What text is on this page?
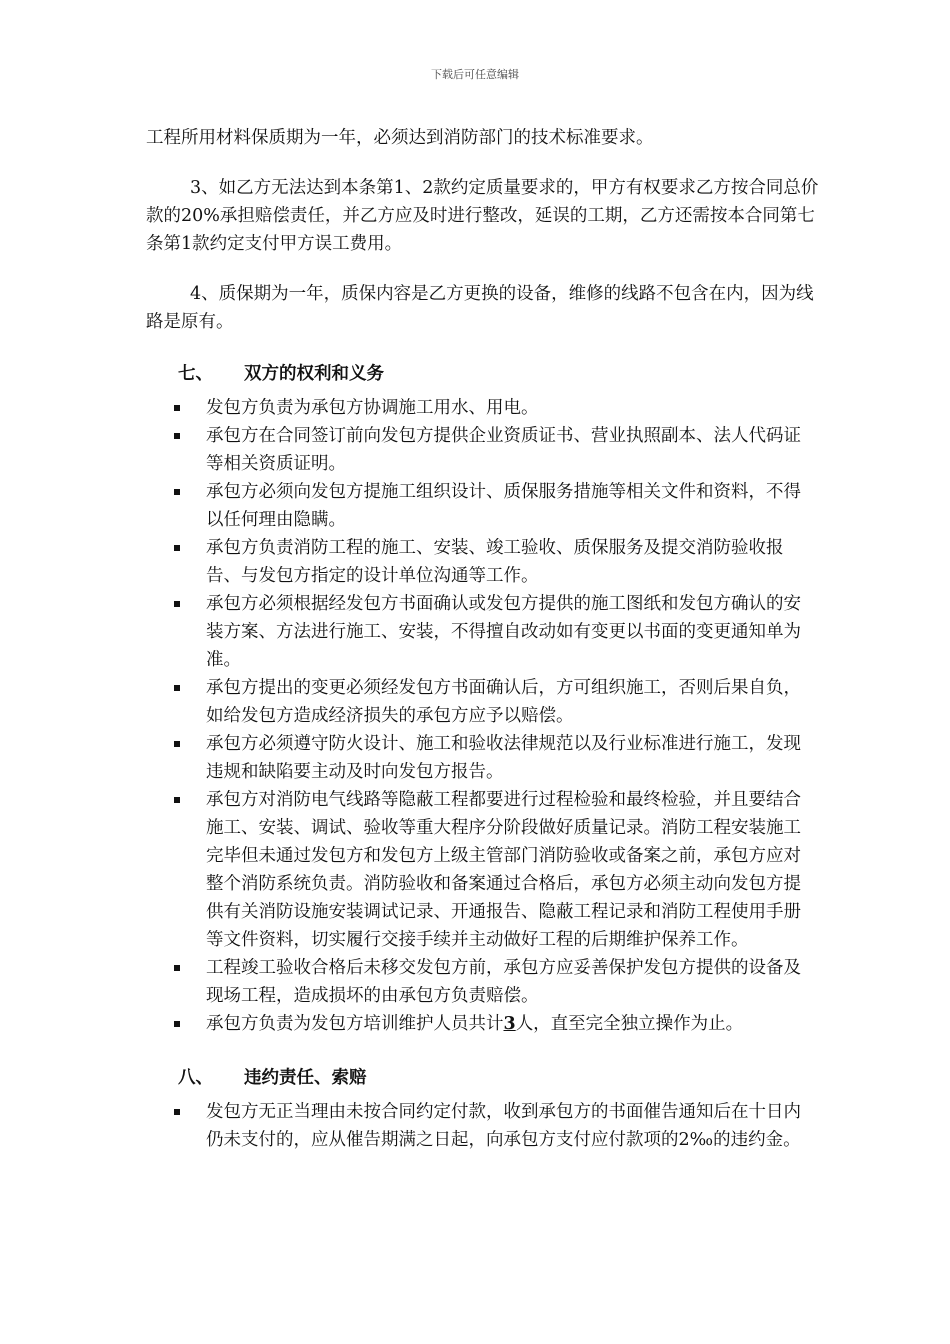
下载后可任意编辑

工程所用材料保质期为一年，必须达到消防部门的技术标准要求。

3、如乙方无法达到本条第1、2款约定质量要求的，甲方有权要求乙方按合同总价款的20%承担赔偿责任，并乙方应及时进行整改，延误的工期，乙方还需按本合同第七条第1款约定支付甲方误工费用。

4、质保期为一年，质保内容是乙方更换的设备，维修的线路不包含在内，因为线路是原有。

七、 双方的权利和义务
发包方负责为承包方协调施工用水、用电。
承包方在合同签订前向发包方提供企业资质证书、营业执照副本、法人代码证等相关资质证明。
承包方必须向发包方提施工组织设计、质保服务措施等相关文件和资料，不得以任何理由隐瞒。
承包方负责消防工程的施工、安装、竣工验收、质保服务及提交消防验收报告、与发包方指定的设计单位沟通等工作。
承包方必须根据经发包方书面确认或发包方提供的施工图纸和发包方确认的安装方案、方法进行施工、安装，不得擅自改动如有变更以书面的变更通知单为准。
承包方提出的变更必须经发包方书面确认后，方可组织施工，否则后果自负，如给发包方造成经济损失的承包方应予以赔偿。
承包方必须遵守防火设计、施工和验收法律规范以及行业标准进行施工，发现违规和缺陷要主动及时向发包方报告。
承包方对消防电气线路等隐蔽工程都要进行过程检验和最终检验，并且要结合施工、安装、调试、验收等重大程序分阶段做好质量记录。消防工程安装施工完毕但未通过发包方和发包方上级主管部门消防验收或备案之前，承包方应对整个消防系统负责。消防验收和备案通过合格后，承包方必须主动向发包方提供有关消防设施安装调试记录、开通报告、隐蔽工程记录和消防工程使用手册等文件资料，切实履行交接手续并主动做好工程的后期维护保养工作。
工程竣工验收合格后未移交发包方前，承包方应妥善保护发包方提供的设备及现场工程，造成损坏的由承包方负责赔偿。
承包方负责为发包方培训维护人员共计3人，直至完全独立操作为止。
八、 违约责任、索赔
发包方无正当理由未按合同约定付款，收到承包方的书面催告通知后在十日内仍未支付的，应从催告期满之日起，向承包方支付应付款项的2‰的违约金。
